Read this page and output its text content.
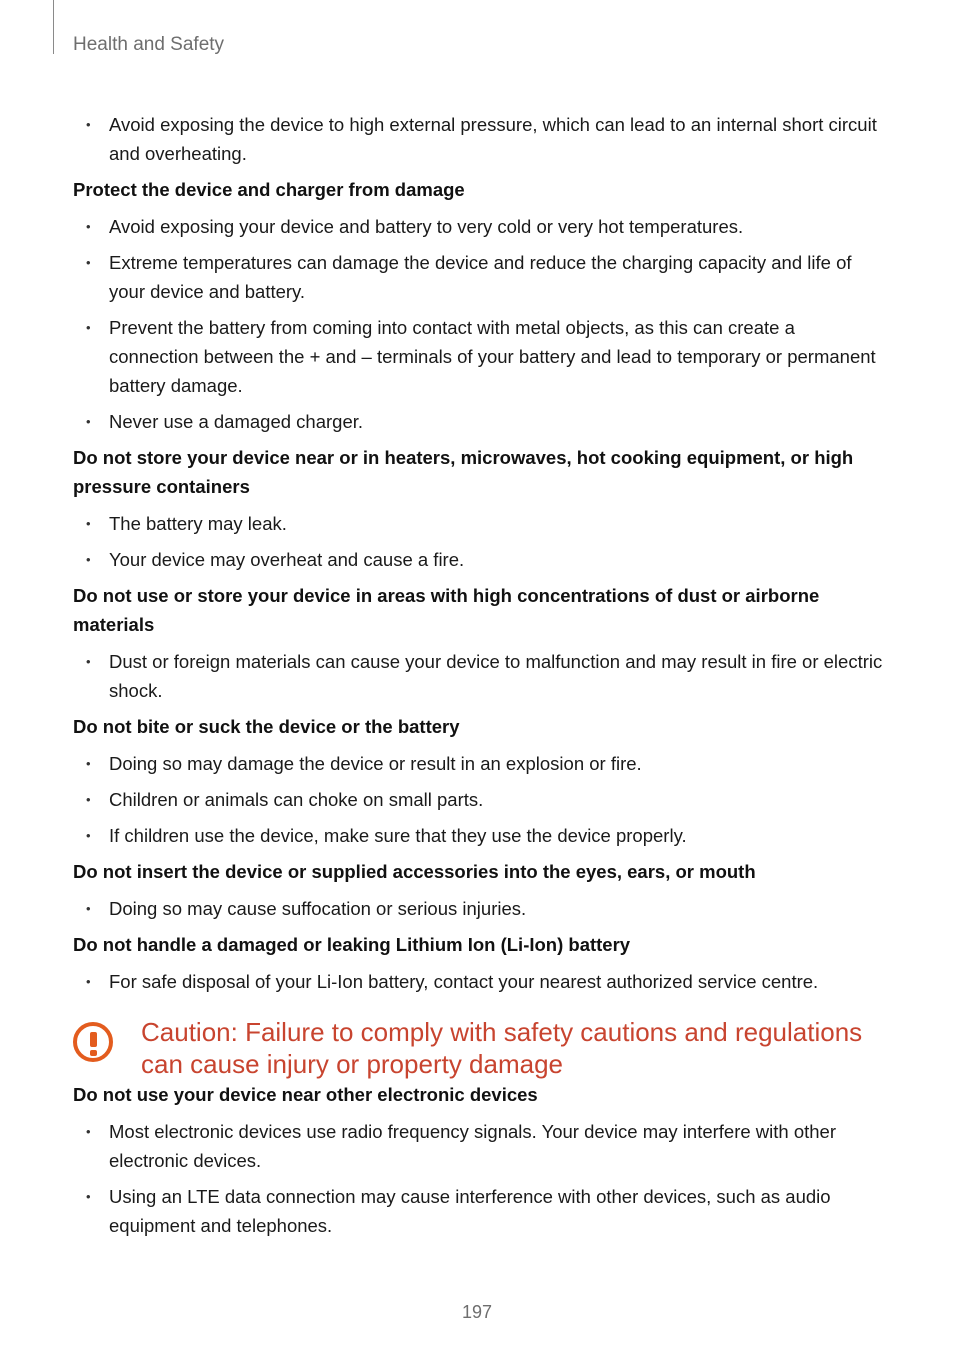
Health and Safety
• Avoid exposing the device to high external pressure, which can lead to an internal short circuit and overheating.
Protect the device and charger from damage
• Avoid exposing your device and battery to very cold or very hot temperatures.
• Extreme temperatures can damage the device and reduce the charging capacity and life of your device and battery.
• Prevent the battery from coming into contact with metal objects, as this can create a connection between the + and – terminals of your battery and lead to temporary or permanent battery damage.
• Never use a damaged charger.
Do not store your device near or in heaters, microwaves, hot cooking equipment, or high pressure containers
• The battery may leak.
• Your device may overheat and cause a fire.
Do not use or store your device in areas with high concentrations of dust or airborne materials
• Dust or foreign materials can cause your device to malfunction and may result in fire or electric shock.
Do not bite or suck the device or the battery
• Doing so may damage the device or result in an explosion or fire.
• Children or animals can choke on small parts.
• If children use the device, make sure that they use the device properly.
Do not insert the device or supplied accessories into the eyes, ears, or mouth
• Doing so may cause suffocation or serious injuries.
Do not handle a damaged or leaking Lithium Ion (Li-Ion) battery
• For safe disposal of your Li-Ion battery, contact your nearest authorized service centre.
Caution: Failure to comply with safety cautions and regulations can cause injury or property damage
Do not use your device near other electronic devices
• Most electronic devices use radio frequency signals. Your device may interfere with other electronic devices.
• Using an LTE data connection may cause interference with other devices, such as audio equipment and telephones.
197
